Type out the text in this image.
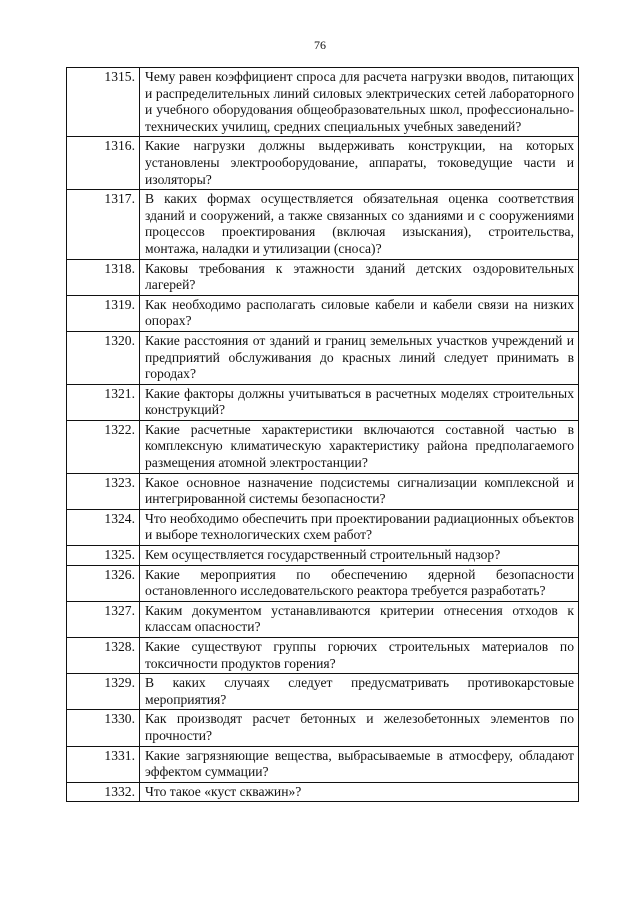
76
1315.	Чему равен коэффициент спроса для расчета нагрузки вводов, питающих и распределительных линий силовых электрических сетей лабораторного и учебного оборудования общеобразовательных школ, профессионально-технических училищ, средних специальных учебных заведений?
1316.	Какие нагрузки должны выдерживать конструкции, на которых установлены электрооборудование, аппараты, токоведущие части и изоляторы?
1317.	В каких формах осуществляется обязательная оценка соответствия зданий и сооружений, а также связанных со зданиями и с сооружениями процессов проектирования (включая изыскания), строительства, монтажа, наладки и утилизации (сноса)?
1318.	Каковы требования к этажности зданий детских оздоровительных лагерей?
1319.	Как необходимо располагать силовые кабели и кабели связи на низких опорах?
1320.	Какие расстояния от зданий и границ земельных участков учреждений и предприятий обслуживания до красных линий следует принимать в городах?
1321.	Какие факторы должны учитываться в расчетных моделях строительных конструкций?
1322.	Какие расчетные характеристики включаются составной частью в комплексную климатическую характеристику района предполагаемого размещения атомной электростанции?
1323.	Какое основное назначение подсистемы сигнализации комплексной и интегрированной системы безопасности?
1324.	Что необходимо обеспечить при проектировании радиационных объектов и выборе технологических схем работ?
1325.	Кем осуществляется государственный строительный надзор?
1326.	Какие мероприятия по обеспечению ядерной безопасности остановленного исследовательского реактора требуется разработать?
1327.	Каким документом устанавливаются критерии отнесения отходов к классам опасности?
1328.	Какие существуют группы горючих строительных материалов по токсичности продуктов горения?
1329.	В каких случаях следует предусматривать противокарстовые мероприятия?
1330.	Как производят расчет бетонных и железобетонных элементов по прочности?
1331.	Какие загрязняющие вещества, выбрасываемые в атмосферу, обладают эффектом суммации?
1332.	Что такое «куст скважин»?
